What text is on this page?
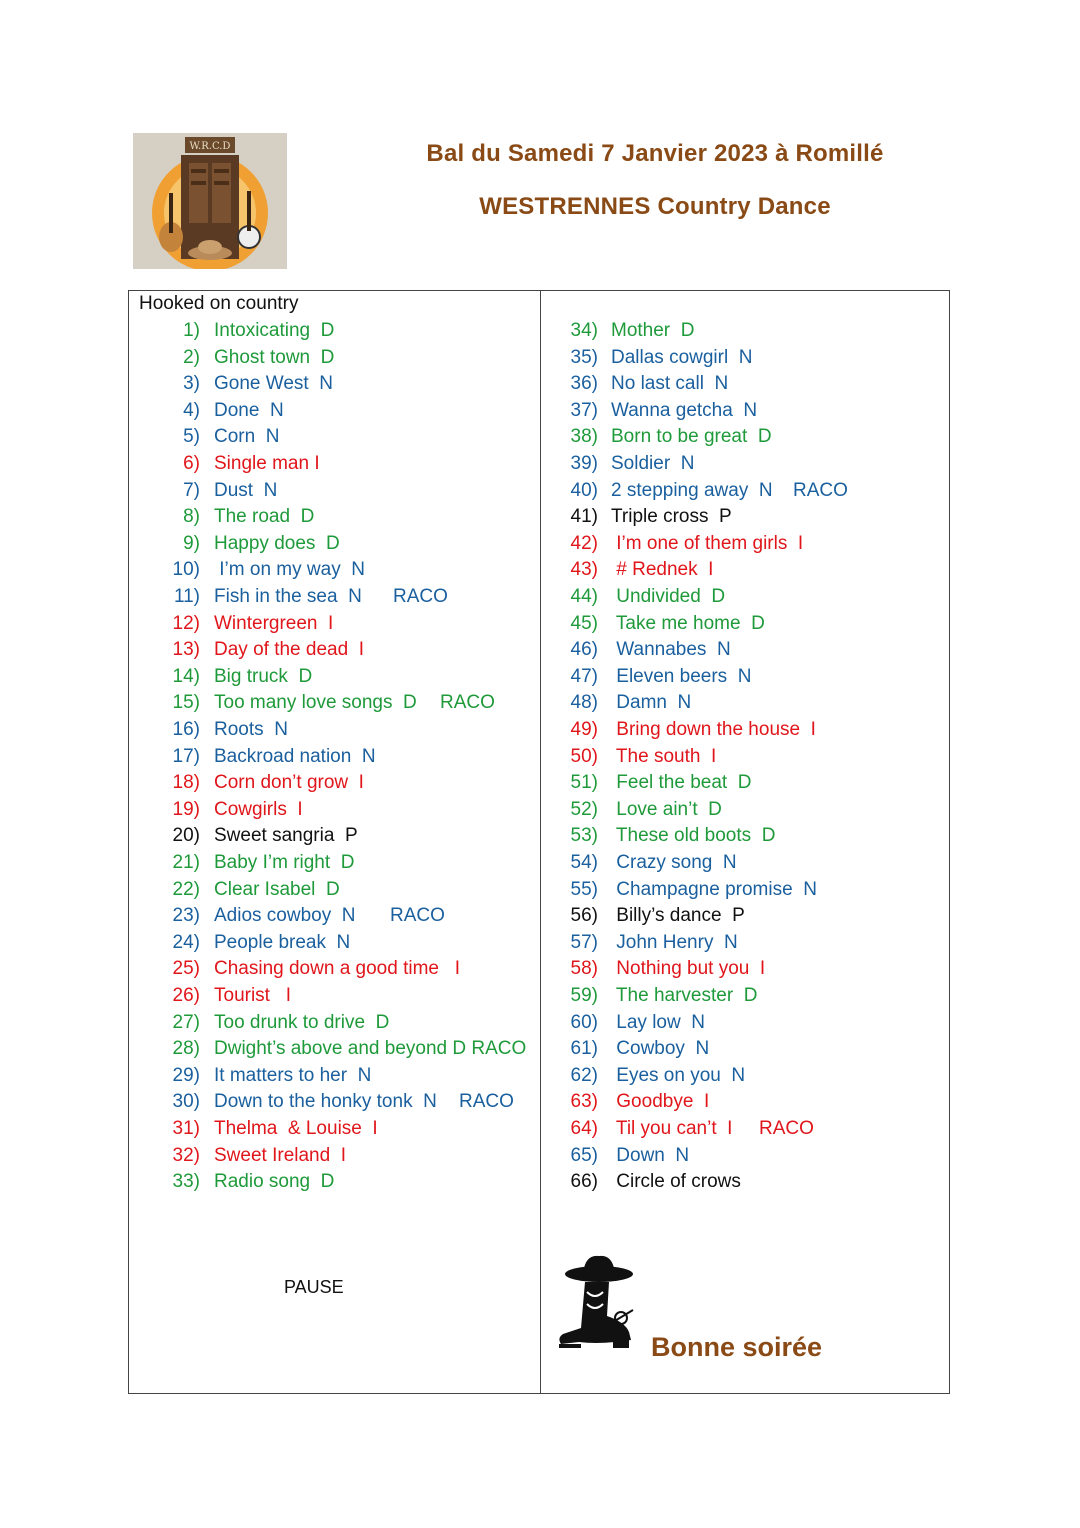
W.R.C.D	Bal du Samedi 7 Janvier 2023 à Romillé
WESTRENNES Country Dance
Hooked on country
1) Intoxicating  D
2) Ghost town  D
3) Gone West  N
4) Done  N
5) Corn  N
6) Single man I
7) Dust  N
8) The road  D
9) Happy does  D
10) I’m on my way  N
11) Fish in the sea  N RACO
12) Wintergreen  I
13) Day of the dead  I
14) Big truck  D
15) Too many love songs  D RACO
16) Roots  N
17) Backroad nation  N
18) Corn don’t grow  I
19) Cowgirls  I
20) Sweet sangria  P
21) Baby I’m right  D
22) Clear Isabel  D
23) Adios cowboy  N RACO
24) People break  N
25) Chasing down a good time   I
26) Tourist   I
27) Too drunk to drive  D
28) Dwight’s above and beyond D RACO
29) It matters to her  N
30) Down to the honky tonk  N RACO
31) Thelma  & Louise  I
32) Sweet Ireland  I
33) Radio song  D
34) Mother  D
35) Dallas cowgirl  N
36) No last call  N
37) Wanna getcha  N
38) Born to be great  D
39) Soldier  N
40) 2 stepping away  N RACO
41) Triple cross  P
42) I’m one of them girls  I
43) # Rednek  I
44) Undivided  D
45) Take me home  D
46) Wannabes  N
47) Eleven beers  N
48) Damn  N
49) Bring down the house  I
50) The south  I
51) Feel the beat  D
52) Love ain’t  D
53) These old boots  D
54) Crazy song  N
55) Champagne promise  N
56) Billy’s dance  P
57) John Henry  N
58) Nothing but you  I
59) The harvester  D
60) Lay low  N
61) Cowboy  N
62) Eyes on you  N
63) Goodbye  I
64) Til you can’t  I RACO
65) Down  N
66) Circle of crows
PAUSE
Bonne soirée
